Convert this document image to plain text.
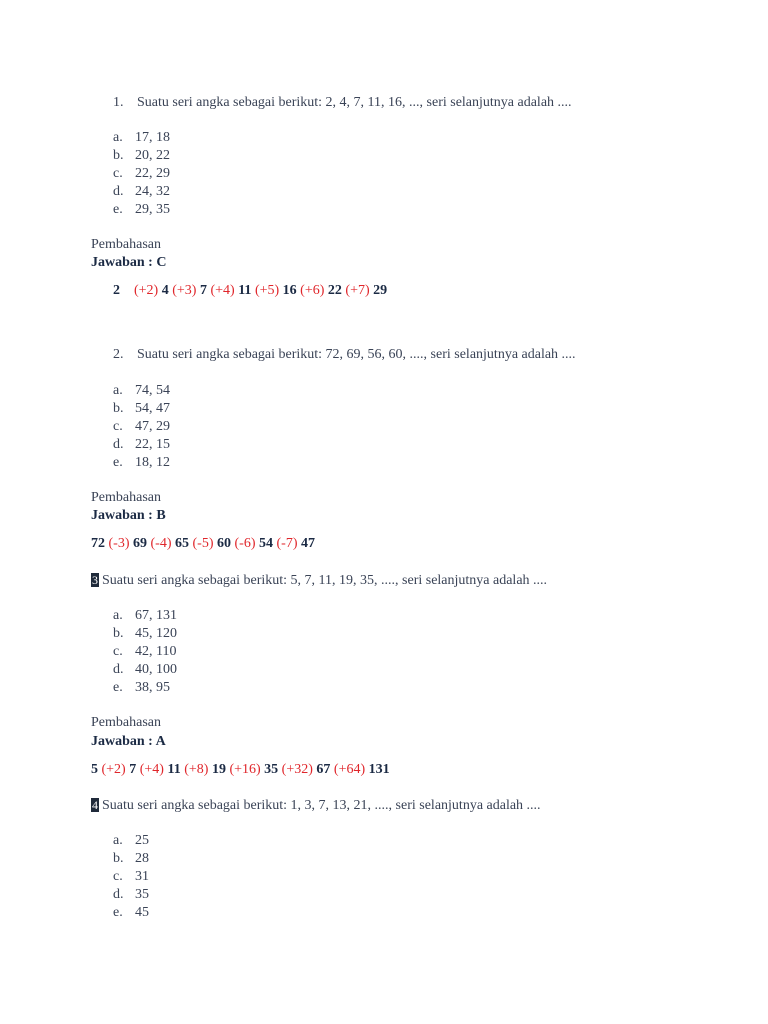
1. Suatu seri angka sebagai berikut: 2, 4, 7, 11, 16, ..., seri selanjutnya adalah ....
a. 17, 18
b. 20, 22
c. 22, 29
d. 24, 32
e. 29, 35
Pembahasan
Jawaban : C
2 (+2) 4 (+3) 7 (+4) 11 (+5) 16 (+6) 22 (+7) 29
2. Suatu seri angka sebagai berikut: 72, 69, 56, 60, ...., seri selanjutnya adalah ....
a. 74, 54
b. 54, 47
c. 47, 29
d. 22, 15
e. 18, 12
Pembahasan
Jawaban : B
72 (-3) 69 (-4) 65 (-5) 60 (-6) 54 (-7) 47
3 Suatu seri angka sebagai berikut: 5, 7, 11, 19, 35, ...., seri selanjutnya adalah ....
a. 67, 131
b. 45, 120
c. 42, 110
d. 40, 100
e. 38, 95
Pembahasan
Jawaban : A
5 (+2) 7 (+4) 11 (+8) 19 (+16) 35 (+32) 67 (+64) 131
4 Suatu seri angka sebagai berikut: 1, 3, 7, 13, 21, ...., seri selanjutnya adalah ....
a. 25
b. 28
c. 31
d. 35
e. 45
